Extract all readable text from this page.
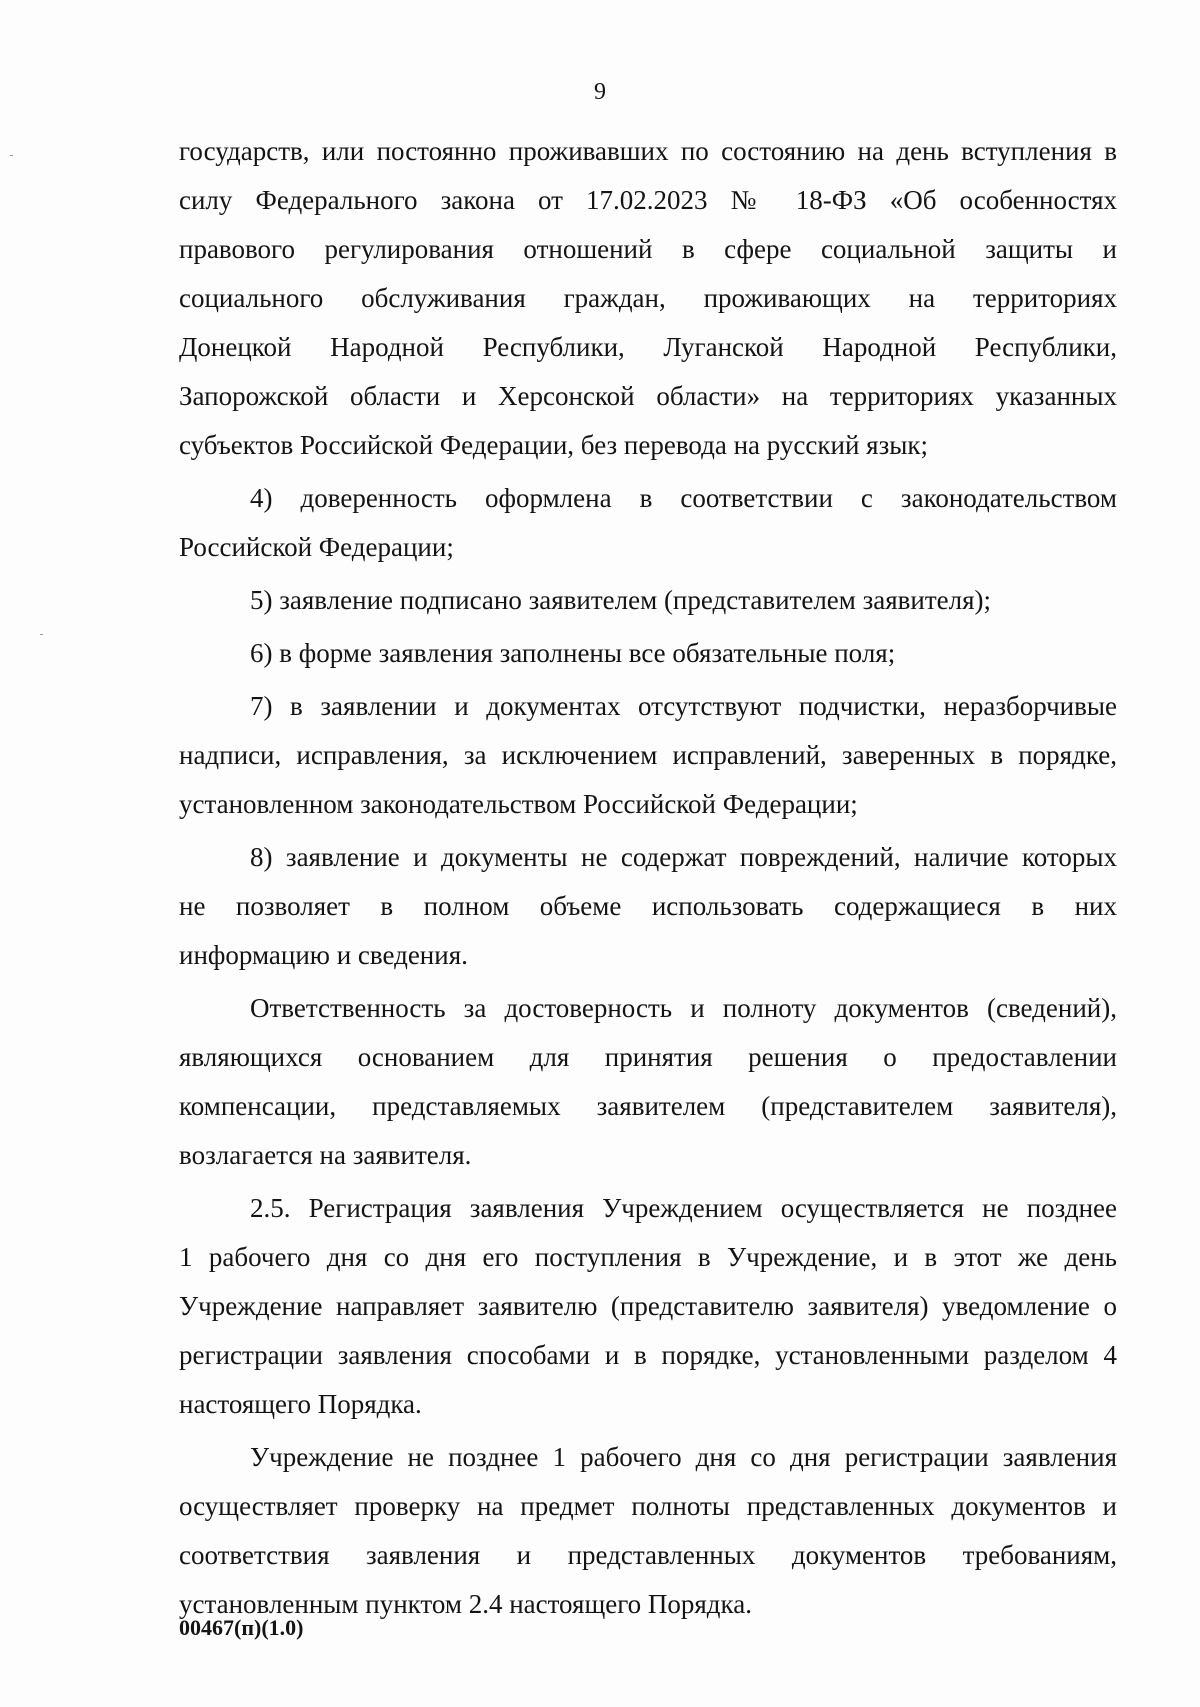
9
государств, или постоянно проживавших по состоянию на день вступления в
силу Федерального закона от 17.02.2023 № 18-ФЗ «Об особенностях
правового регулирования отношений в сфере социальной защиты и
социального обслуживания граждан, проживающих на территориях
Донецкой Народной Республики, Луганской Народной Республики,
Запорожской области и Херсонской области» на территориях указанных
субъектов Российской Федерации, без перевода на русский язык;
4) доверенность оформлена в соответствии с законодательством
Российской Федерации;
5) заявление подписано заявителем (представителем заявителя);
6) в форме заявления заполнены все обязательные поля;
7) в заявлении и документах отсутствуют подчистки, неразборчивые
надписи, исправления, за исключением исправлений, заверенных в порядке,
установленном законодательством Российской Федерации;
8) заявление и документы не содержат повреждений, наличие которых
не позволяет в полном объеме использовать содержащиеся в них
информацию и сведения.
Ответственность за достоверность и полноту документов (сведений),
являющихся основанием для принятия решения о предоставлении
компенсации, представляемых заявителем (представителем заявителя),
возлагается на заявителя.
2.5. Регистрация заявления Учреждением осуществляется не позднее
1 рабочего дня со дня его поступления в Учреждение, и в этот же день
Учреждение направляет заявителю (представителю заявителя) уведомление о
регистрации заявления способами и в порядке, установленными разделом 4
настоящего Порядка.
Учреждение не позднее 1 рабочего дня со дня регистрации заявления
осуществляет проверку на предмет полноты представленных документов и
соответствия заявления и представленных документов требованиям,
установленным пунктом 2.4 настоящего Порядка.
00467(п)(1.0)
